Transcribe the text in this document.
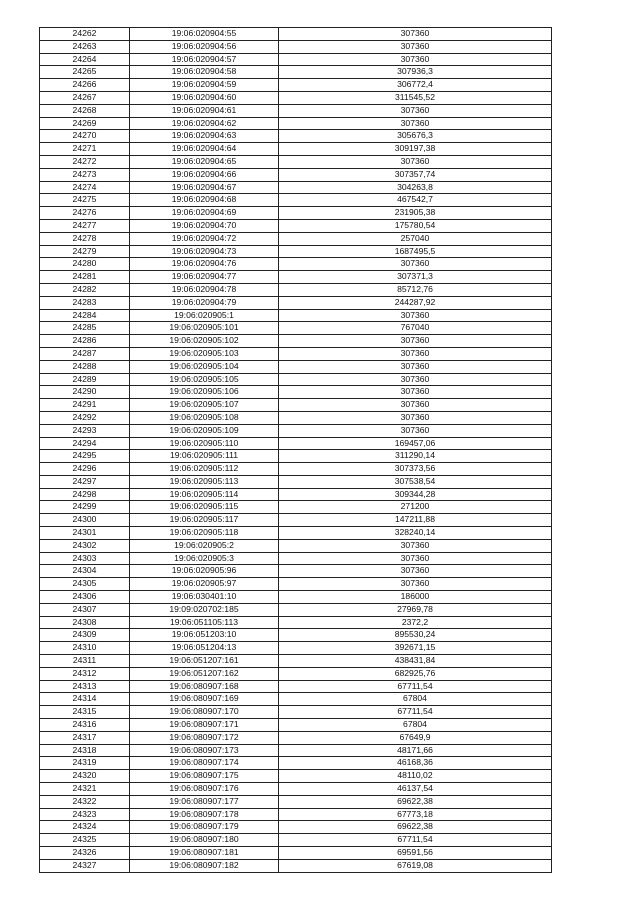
24262	19:06:020904:55	307360
24263	19:06:020904:56	307360
24264	19:06:020904:57	307360
24265	19:06:020904:58	307936,3
24266	19:06:020904:59	306772,4
24267	19:06:020904:60	311545,52
24268	19:06:020904:61	307360
24269	19:06:020904:62	307360
24270	19:06:020904:63	305676,3
24271	19:06:020904:64	309197,38
24272	19:06:020904:65	307360
24273	19:06:020904:66	307357,74
24274	19:06:020904:67	304263,8
24275	19:06:020904:68	467542,7
24276	19:06:020904:69	231905,38
24277	19:06:020904:70	175780,54
24278	19:06:020904:72	257040
24279	19:06:020904:73	1687495,5
24280	19:06:020904:76	307360
24281	19:06:020904:77	307371,3
24282	19:06:020904:78	85712,76
24283	19:06:020904:79	244287,92
24284	19:06:020905:1	307360
24285	19:06:020905:101	767040
24286	19:06:020905:102	307360
24287	19:06:020905:103	307360
24288	19:06:020905:104	307360
24289	19:06:020905:105	307360
24290	19:06:020905:106	307360
24291	19:06:020905:107	307360
24292	19:06:020905:108	307360
24293	19:06:020905:109	307360
24294	19:06:020905:110	169457,06
24295	19:06:020905:111	311290,14
24296	19:06:020905:112	307373,56
24297	19:06:020905:113	307538,54
24298	19:06:020905:114	309344,28
24299	19:06:020905:115	271200
24300	19:06:020905:117	147211,88
24301	19:06:020905:118	328240,14
24302	19:06:020905:2	307360
24303	19:06:020905:3	307360
24304	19:06:020905:96	307360
24305	19:06:020905:97	307360
24306	19:06:030401:10	186000
24307	19:09:020702:185	27969,78
24308	19:06:051105:113	2372,2
24309	19:06:051203:10	895530,24
24310	19:06:051204:13	392671,15
24311	19:06:051207:161	438431,84
24312	19:06:051207:162	682925,76
24313	19:06:080907:168	67711,54
24314	19:06:080907:169	67804
24315	19:06:080907:170	67711,54
24316	19:06:080907:171	67804
24317	19:06:080907:172	67649,9
24318	19:06:080907:173	48171,66
24319	19:06:080907:174	46168,36
24320	19:06:080907:175	48110,02
24321	19:06:080907:176	46137,54
24322	19:06:080907:177	69622,38
24323	19:06:080907:178	67773,18
24324	19:06:080907:179	69622,38
24325	19:06:080907:180	67711,54
24326	19:06:080907:181	69591,56
24327	19:06:080907:182	67619,08
